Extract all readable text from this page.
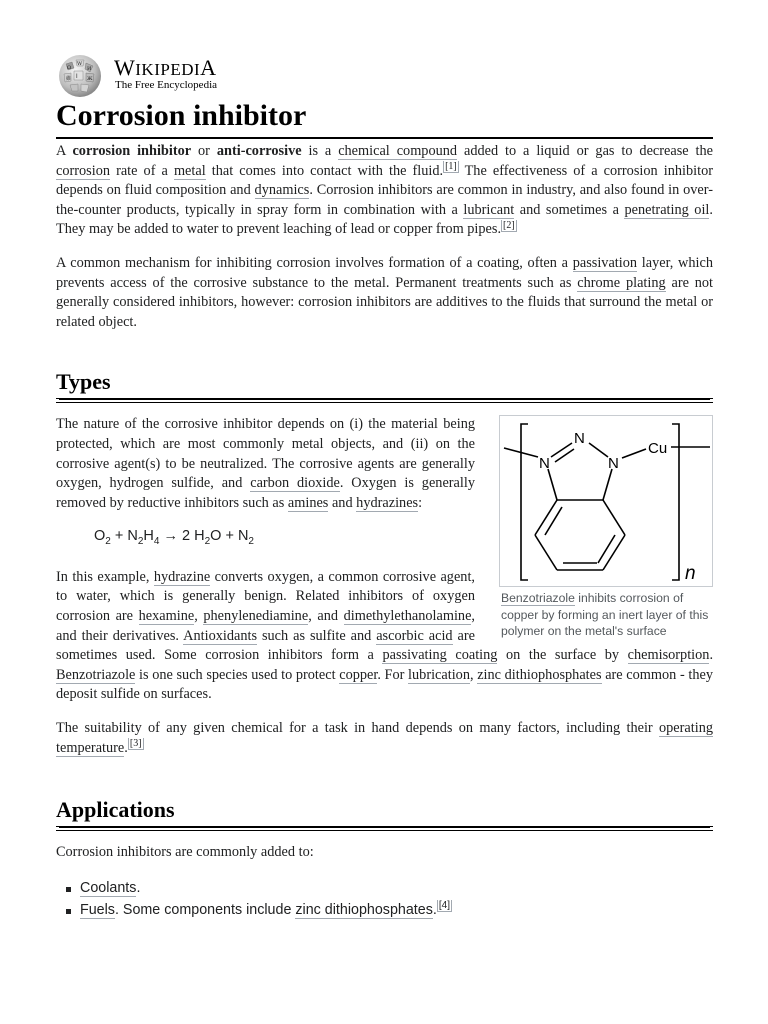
Ω
W
И
維 ا Ж WIKIPEDIA
The Free Encyclopedia
Corrosion inhibitor

A corrosion inhibitor or anti-corrosive is a chemical compound added to a liquid or gas to decrease the corrosion rate of a metal that comes into contact with the fluid. [1] The effectiveness of a corrosion inhibitor depends on fluid composition and dynamics. Corrosion inhibitors are common in industry, and also found in over-the-counter products, typically in spray form in combination with a lubricant and sometimes a penetrating oil. They may be added to water to prevent leaching of lead or copper from pipes. [2]

A common mechanism for inhibiting corrosion involves formation of a coating, often a passivation layer, which prevents access of the corrosive substance to the metal. Permanent treatments such as chrome plating are not generally considered inhibitors, however: corrosion inhibitors are additives to the fluids that surround the metal or related object.

Types
N
N	N
Cu
n
Benzotriazole inhibits corrosion of copper by forming an inert layer of this polymer on the metal's surface

The nature of the corrosive inhibitor depends on (i) the material being protected, which are most commonly metal objects, and (ii) on the corrosive agent(s) to be neutralized. The corrosive agents are generally oxygen, hydrogen sulfide, and carbon dioxide. Oxygen is generally removed by reductive inhibitors such as amines and hydrazines:

$O_2 + N_2H_4 \to 2$ $H_2O + N_2$

In this example, hydrazine converts oxygen, a common corrosive agent, to water, which is generally benign. Related inhibitors of oxygen corrosion are hexamine, phenylenediamine, and dimethylethanolamine, and their derivatives. Antioxidants such as sulfite and ascorbic acid are sometimes used. Some corrosion inhibitors form a passivating coating on the surface by chemisorption. Benzotriazole is one such species used to protect copper. For lubrication, zinc dithiophosphates are common - they deposit sulfide on surfaces.

The suitability of any given chemical for a task in hand depends on many factors, including their operating temperature. [3]

Applications

Corrosion inhibitors are commonly added to:

Coolants.
Fuels. Some components include zinc dithiophosphates. [4]
